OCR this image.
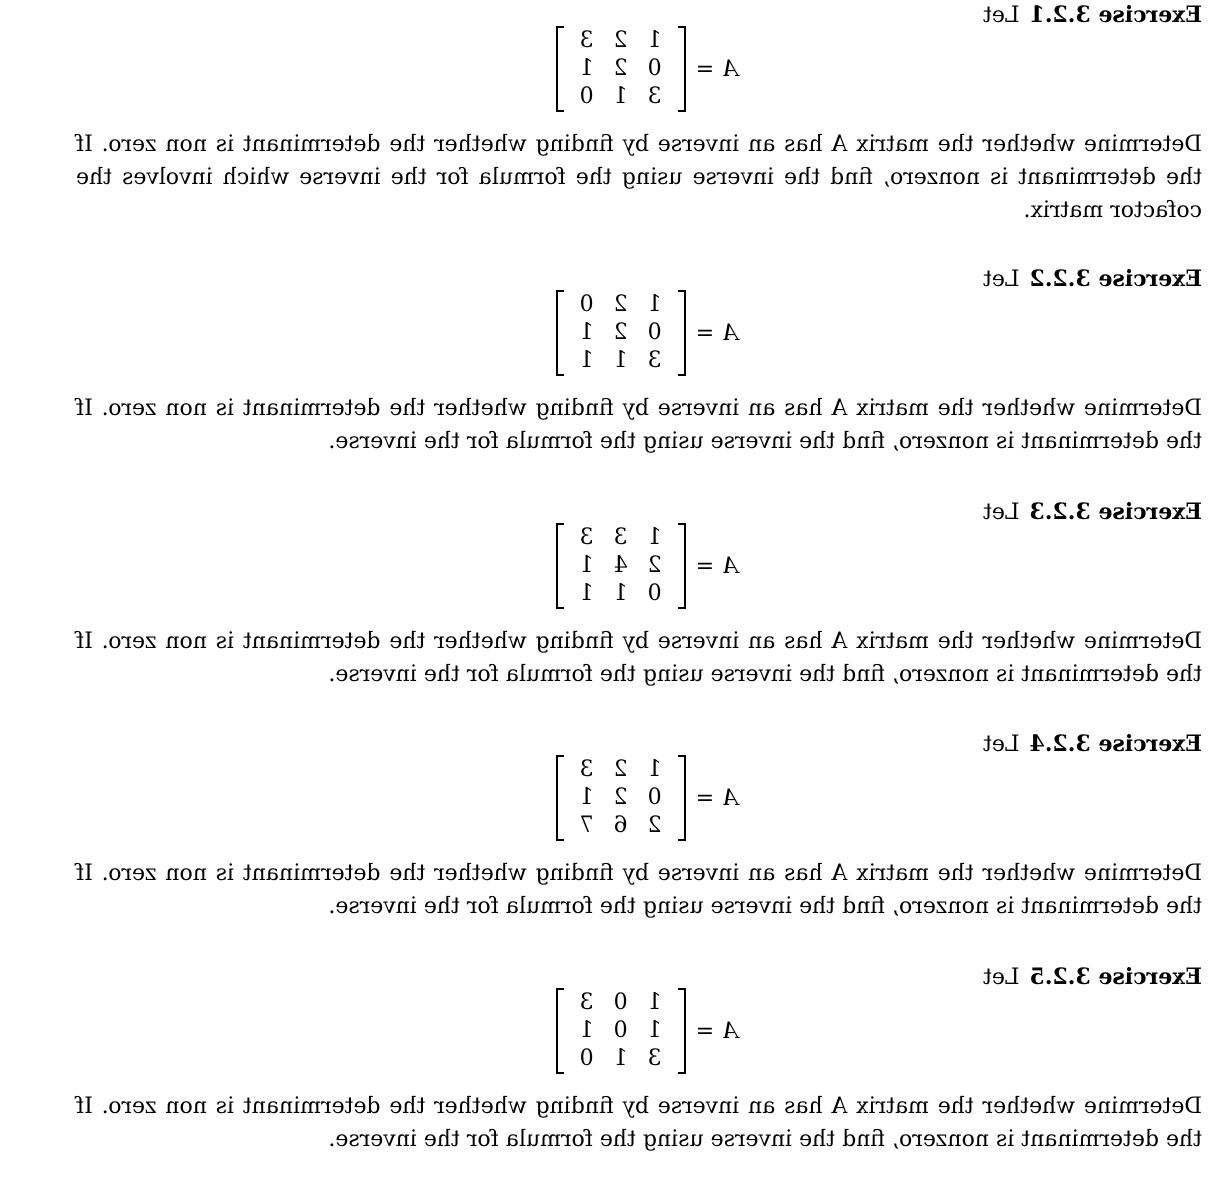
Exercise 3.2.1Let
A
=
1
2
3
0
2
1
3
1
0

Determine whether the matrix A has an inverse by finding whether the determinant is non zero. If the determinant is nonzero, find the inverse using the formula for the inverse which involves the cofactor matrix.

Exercise 3.2.2Let
A
=
1
2
0
0
2
1
3
1
1

Determine whether the matrix A has an inverse by finding whether the determinant is non zero. If the determinant is nonzero, find the inverse using the formula for the inverse.

Exercise 3.2.3Let
A
=
1
3
3
2
4
1
0
1
1

Determine whether the matrix A has an inverse by finding whether the determinant is non zero. If the determinant is nonzero, find the inverse using the formula for the inverse.

Exercise 3.2.4Let
A
=
1
2
3
0
2
1
2
6
7

Determine whether the matrix A has an inverse by finding whether the determinant is non zero. If the determinant is nonzero, find the inverse using the formula for the inverse.

Exercise 3.2.5Let
A
=
1
0
3
1
0
1
3
1
0

Determine whether the matrix A has an inverse by finding whether the determinant is non zero. If the determinant is nonzero, find the inverse using the formula for the inverse.
